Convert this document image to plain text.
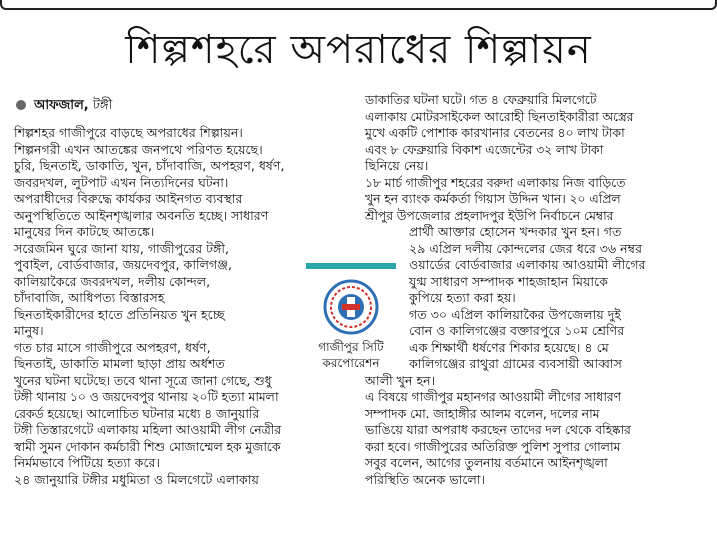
শিল্পশহরে অপরাধের শিল্পায়ন
আফজাল, টঙ্গী
শিল্পশহর গাজীপুরে বাড়ছে অপরাধের শিল্পায়ন।
শিল্পনগরী এখন আতঙ্কের জনপথে পরিণত হয়েছে।
চুরি, ছিনতাই, ডাকাতি, খুন, চাঁদাবাজি, অপহরণ, ধর্ষণ,
জবরদখল, লুটপাট এখন নিত্যদিনের ঘটনা।
অপরাধীদের বিরুদ্ধে কার্যকর আইনগত ব্যবস্থার
অনুপস্থিতিতে আইনশৃঙ্খলার অবনতি হচ্ছে। সাধারণ
মানুষের দিন কাটছে আতঙ্কে।
সরেজমিন ঘুরে জানা যায়, গাজীপুরের টঙ্গী,
পুবাইল, বোর্ডবাজার, জয়দেবপুর, কালিগঞ্জ,
কালিয়াকৈরে জবরদখল, দলীয় কোন্দল,
চাঁদাবাজি, আধিপত্য বিস্তারসহ
ছিনতাইকারীদের হাতে প্রতিনিয়ত খুন হচ্ছে
মানুষ।
গত চার মাসে গাজীপুরে অপহরণ, ধর্ষণ,
ছিনতাই, ডাকাতি মামলা ছাড়া প্রায় অর্ধশত
খুনের ঘটনা ঘটেছে। তবে থানা সূত্রে জানা গেছে, শুধু
টঙ্গী থানায় ১০ ও জয়দেবপুর থানায় ২০টি হত্যা মামলা
রেকর্ড হয়েছে। আলোচিত ঘটনার মধ্যে ৪ জানুয়ারি
টঙ্গী তিস্তারগেটে এলাকায় মহিলা আওয়ামী লীগ নেত্রীর
স্বামী সুমন দোকান কর্মচারী শিশু মোজাম্মেল হক মুজাকে
নির্মমভাবে পিটিয়ে হত্যা করে।
২৪ জানুয়ারি টঙ্গীর মধুমিতা ও মিলগেটে এলাকায়
ডাকাতির ঘটনা ঘটে। গত ৪ ফেব্রুয়ারি মিলগেটে
এলাকায় মোটরসাইকেল আরোহী ছিনতাইকারীরা অস্ত্রের
মুখে একটি পোশাক কারখানার বেতনের ৪০ লাখ টাকা
এবং ৮ ফেব্রুয়ারি বিকাশ এজেন্টের ৩২ লাখ টাকা
ছিনিয়ে নেয়।
১৮ মার্চ গাজীপুর শহরের বরুদা এলাকায় নিজ বাড়িতে
খুন হন ব্যাংক কর্মকর্তা গিয়াস উদ্দিন খান। ২০ এপ্রিল
শ্রীপুর উপজেলার প্রহলাদপুর ইউপি নির্বাচনে মেম্বার
প্রার্থী আক্তার হোসেন খন্দকার খুন হন। গত
২৯ এপ্রিল দলীয় কোন্দলের জের ধরে ৩৬ নম্বর
ওয়ার্ডের বোর্ডবাজার এলাকায় আওয়ামী লীগের
যুগ্ম সাধারণ সম্পাদক শাহজাহান মিয়াকে
কুপিয়ে হত্যা করা হয়।
গত ৩০ এপ্রিল কালিয়াকৈর উপজেলায় দুই
বোন ও কালিগঞ্জের বক্তারপুরে ১০ম শ্রেণির
এক শিক্ষার্থী ধর্ষণের শিকার হয়েছে। ৪ মে
কালিগঞ্জের রাথুরা গ্রামের ব্যবসায়ী আব্বাস
আলী খুন হন।
এ বিষয়ে গাজীপুর মহানগর আওয়ামী লীগের সাধারণ
সম্পাদক মো. জাহাঙ্গীর আলম বলেন, দলের নাম
ভাঙিয়ে যারা অপরাধ করছেন তাদের দল থেকে বহিষ্কার
করা হবে। গাজীপুরের অতিরিক্ত পুলিশ সুপার গোলাম
সবুর বলেন, আগের তুলনায় বর্তমানে আইনশৃঙ্খলা
পরিস্থিতি অনেক ভালো।
গাজীপুর সিটি
করপোরেশন
